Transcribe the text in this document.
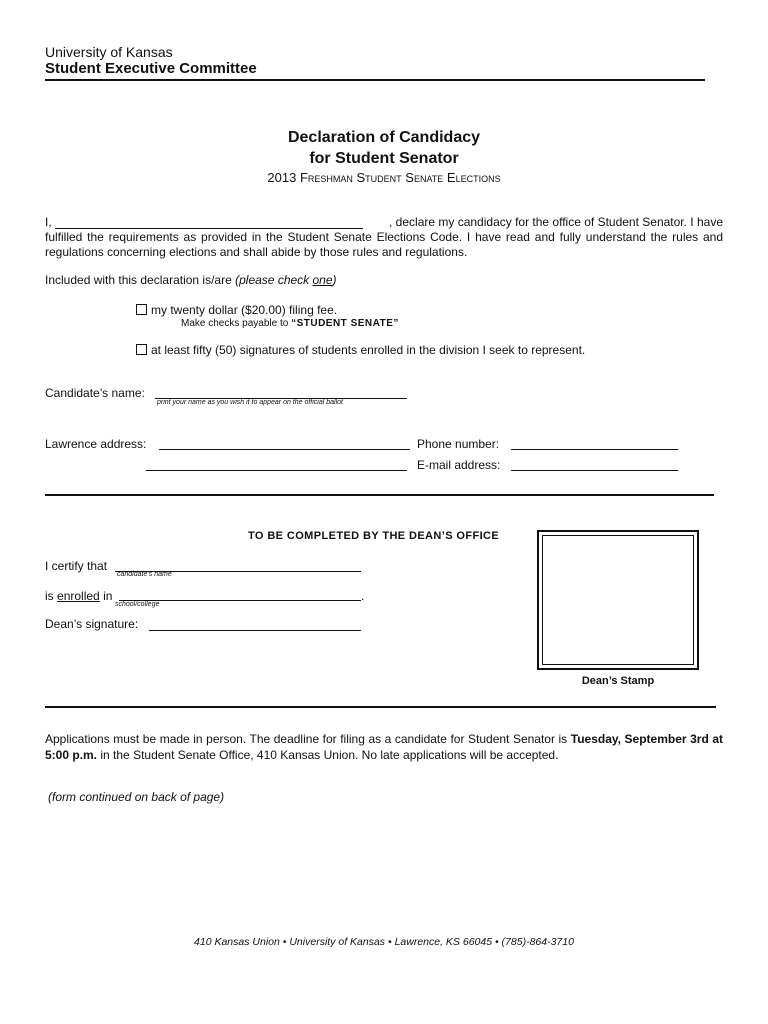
University of Kansas
Student Executive Committee
Declaration of Candidacy
for Student Senator
2013 Freshman Student Senate Elections
I,	, declare my candidacy for the office of Student Senator. I have
fulfilled the requirements as provided in the Student Senate Elections Code. I have read and fully understand the rules and regulations concerning elections and shall abide by those rules and regulations.
Included with this declaration is/are (please check one)
my twenty dollar ($20.00) filing fee.
Make checks payable to “STUDENT SENATE”
at least fifty (50) signatures of students enrolled in the division I seek to represent.
Candidate’s name:
print your name as you wish it to appear on the official ballot
Lawrence address:	Phone number:
E-mail address:
TO BE COMPLETED BY THE DEAN’S OFFICE
I certify that
candidate’s name
is enrolled in	.
school/college
Dean’s signature:
Dean’s Stamp
Applications must be made in person. The deadline for filing as a candidate for Student Senator is Tuesday, September 3rd at 5:00 p.m. in the Student Senate Office, 410 Kansas Union. No late applications will be accepted.
(form continued on back of page)
410 Kansas Union • University of Kansas • Lawrence, KS 66045 • (785)-864-3710
